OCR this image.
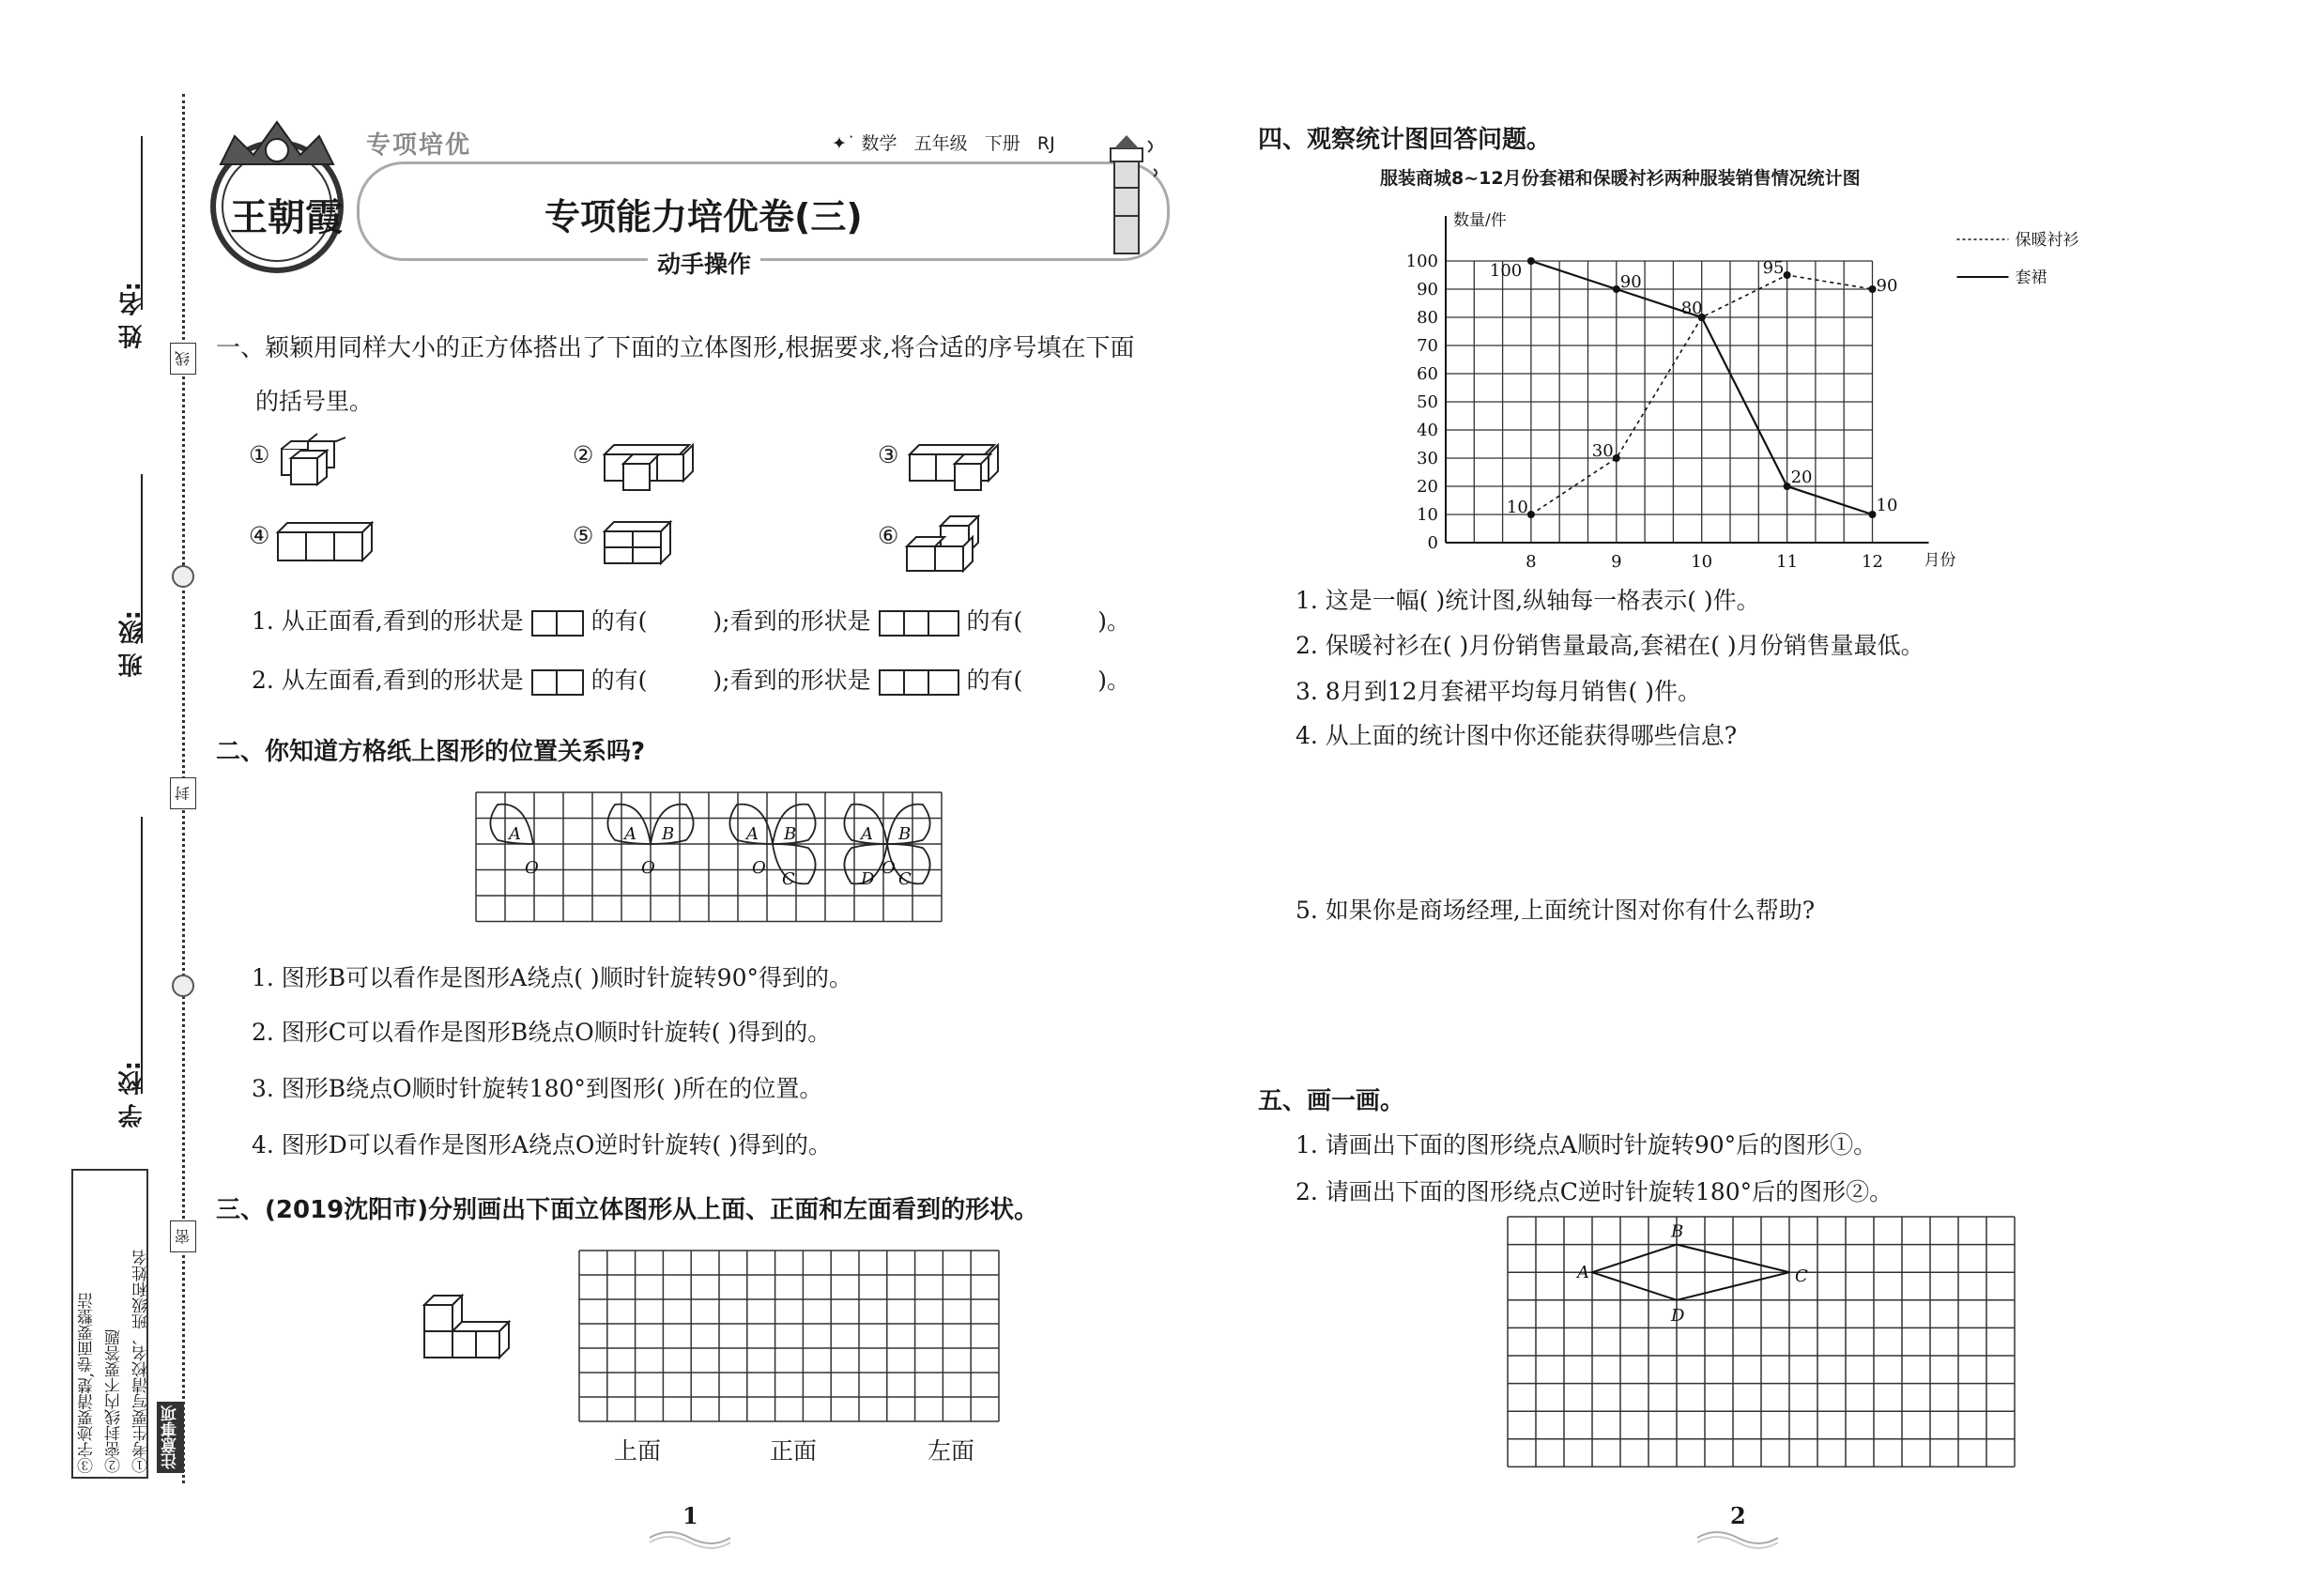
姓 名:
班 级:
学 校:
线
封
密
③字迹要清楚,卷面要整洁 ②密封线内不要答题 ①考生要写清校名、班级和姓名 注意事项
王朝霞
专项培优	✦˙ 数学 五年级 下册 RJ
专项能力培优卷(三)
动手操作
一、颖颖用同样大小的正方体搭出了下面的立体图形,根据要求,将合适的序号填在下面
的括号里。
①	②	③
④	⑤	⑥
1. 从正面看,看到的形状是	的有(	);看到的形状是	的有(	)。
2. 从左面看,看到的形状是	的有(	);看到的形状是	的有(	)。
二、你知道方格纸上图形的位置关系吗?
A
O
A B
O
A B
O
C
A B
D C
O
1. 图形B可以看作是图形A绕点( )顺时针旋转90°得到的。
2. 图形C可以看作是图形B绕点O顺时针旋转( )得到的。
3. 图形B绕点O顺时针旋转180°到图形( )所在的位置。
4. 图形D可以看作是图形A绕点O逆时针旋转( )得到的。
三、(2019沈阳市)分别画出下面立体图形从上面、正面和左面看到的形状。
上面	正面	左面
1
四、观察统计图回答问题。
服装商城8~12月份套裙和保暖衬衫两种服装销售情况统计图
数量/件
月份
0
10
20
30
40
50
60
70
80
90
100
8	9	10	11	12
100
90
80
20
10
10
30
95
90
保暖衬衫
套裙
1. 这是一幅( )统计图,纵轴每一格表示( )件。
2. 保暖衬衫在( )月份销售量最高,套裙在( )月份销售量最低。
3. 8月到12月套裙平均每月销售( )件。
4. 从上面的统计图中你还能获得哪些信息?
5. 如果你是商场经理,上面统计图对你有什么帮助?
五、画一画。
1. 请画出下面的图形绕点A顺时针旋转90°后的图形①。
2. 请画出下面的图形绕点C逆时针旋转180°后的图形②。
A
B
C
D
2
